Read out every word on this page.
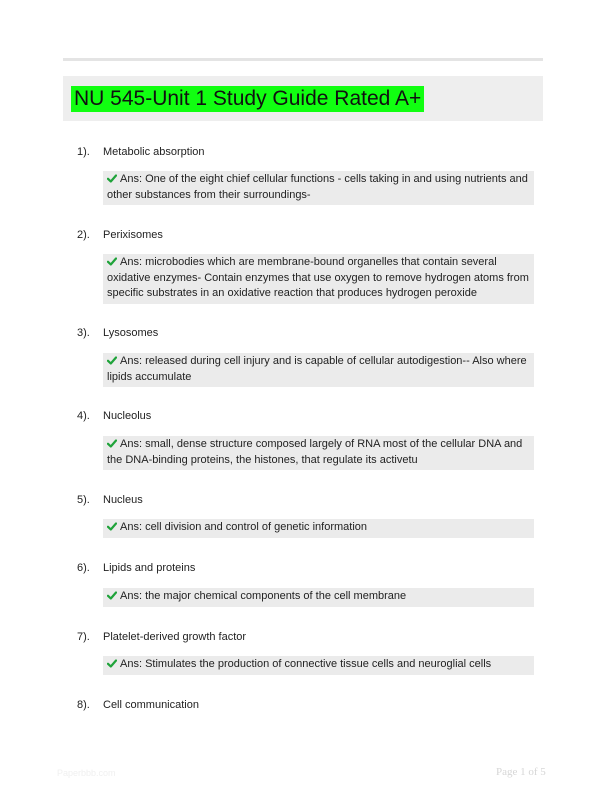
NU 545-Unit 1 Study Guide Rated A+
1). Metabolic absorption
Ans: One of the eight chief cellular functions - cells taking in and using nutrients and other substances from their surroundings-
2). Perixisomes
Ans: microbodies which are membrane-bound organelles that contain several oxidative enzymes- Contain enzymes that use oxygen to remove hydrogen atoms from specific substrates in an oxidative reaction that produces hydrogen peroxide
3). Lysosomes
Ans: released during cell injury and is capable of cellular autodigestion-- Also where lipids accumulate
4). Nucleolus
Ans: small, dense structure composed largely of RNA most of the cellular DNA and the DNA-binding proteins, the histones, that regulate its activetu
5). Nucleus
Ans: cell division and control of genetic information
6). Lipids and proteins
Ans: the major chemical components of the cell membrane
7). Platelet-derived growth factor
Ans: Stimulates the production of connective tissue cells and neuroglial cells
8). Cell communication
Paperbbb.com	Page 1 of 5
